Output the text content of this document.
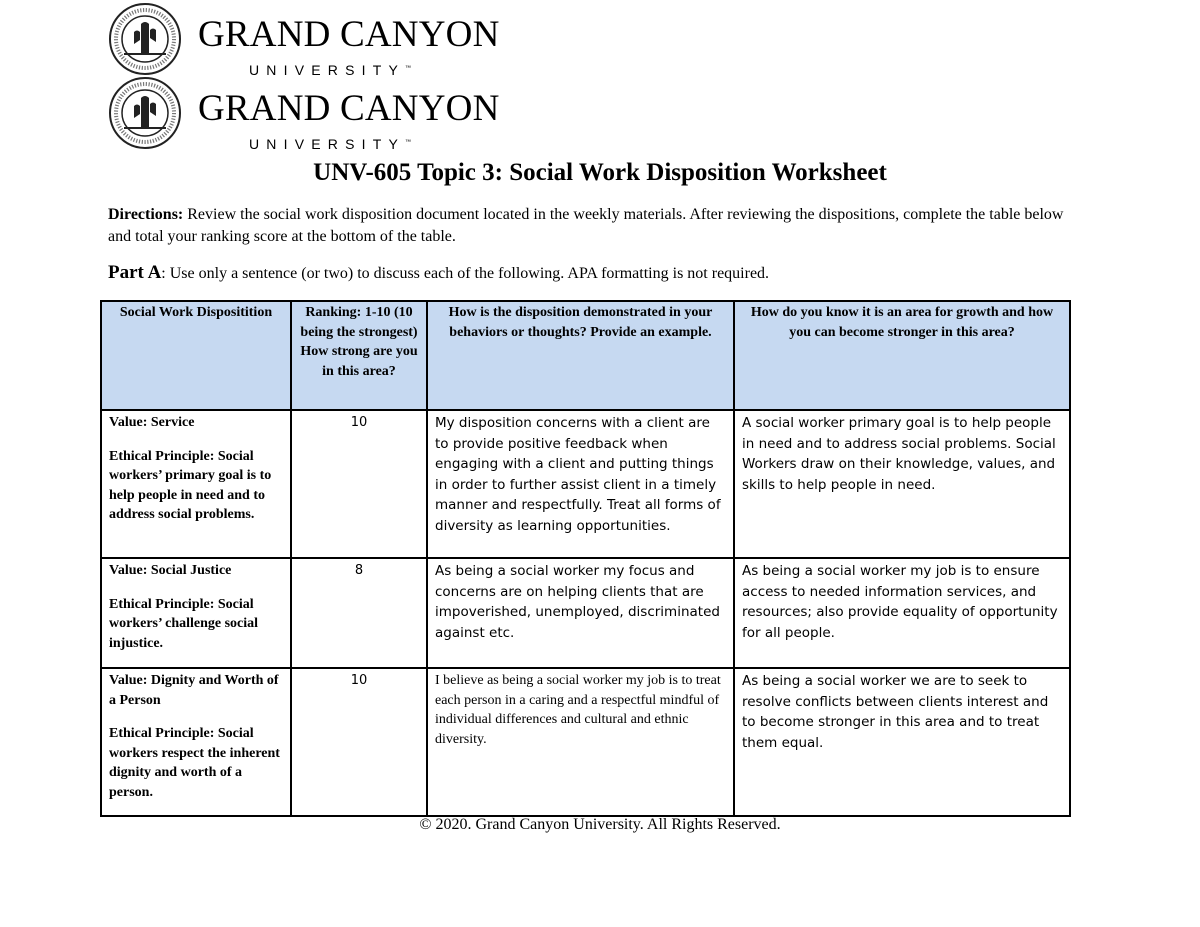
GRAND CANYON
UNIVERSITY™
GRAND CANYON
UNIVERSITY™
UNV-605 Topic 3: Social Work Disposition Worksheet
Directions: Review the social work disposition document located in the weekly materials. After reviewing the dispositions, complete the table below and total your ranking score at the bottom of the table.
Part A: Use only a sentence (or two) to discuss each of the following. APA formatting is not required.
Social Work Dispositition	Ranking: 1-10 (10 being the strongest) How strong are you in this area?	How is the disposition demonstrated in your behaviors or thoughts? Provide an example.	How do you know it is an area for growth and how you can become stronger in this area?

Value: Service

Ethical Principle: Social workers’ primary goal is to help people in need and to address social problems.	10	My disposition concerns with a client are to provide positive feedback when engaging with a client and putting things in order to further assist client in a timely manner and respectfully. Treat all forms of diversity as learning opportunities.	A social worker primary goal is to help people in need and to address social problems. Social Workers draw on their knowledge, values, and skills to help people in need.

Value: Social Justice

Ethical Principle: Social workers’ challenge social injustice.	8	As being a social worker my focus and concerns are on helping clients that are impoverished, unemployed, discriminated against etc.	As being a social worker my job is to ensure access to needed information services, and resources; also provide equality of opportunity for all people.

Value: Dignity and Worth of a Person

Ethical Principle: Social workers respect the inherent dignity and worth of a person.	10	I believe as being a social worker my job is to treat each person in a caring and a respectful mindful of individual differences and cultural and ethnic diversity.	As being a social worker we are to seek to resolve conflicts between clients interest and to become stronger in this area and to treat them equal.
© 2020. Grand Canyon University. All Rights Reserved.
